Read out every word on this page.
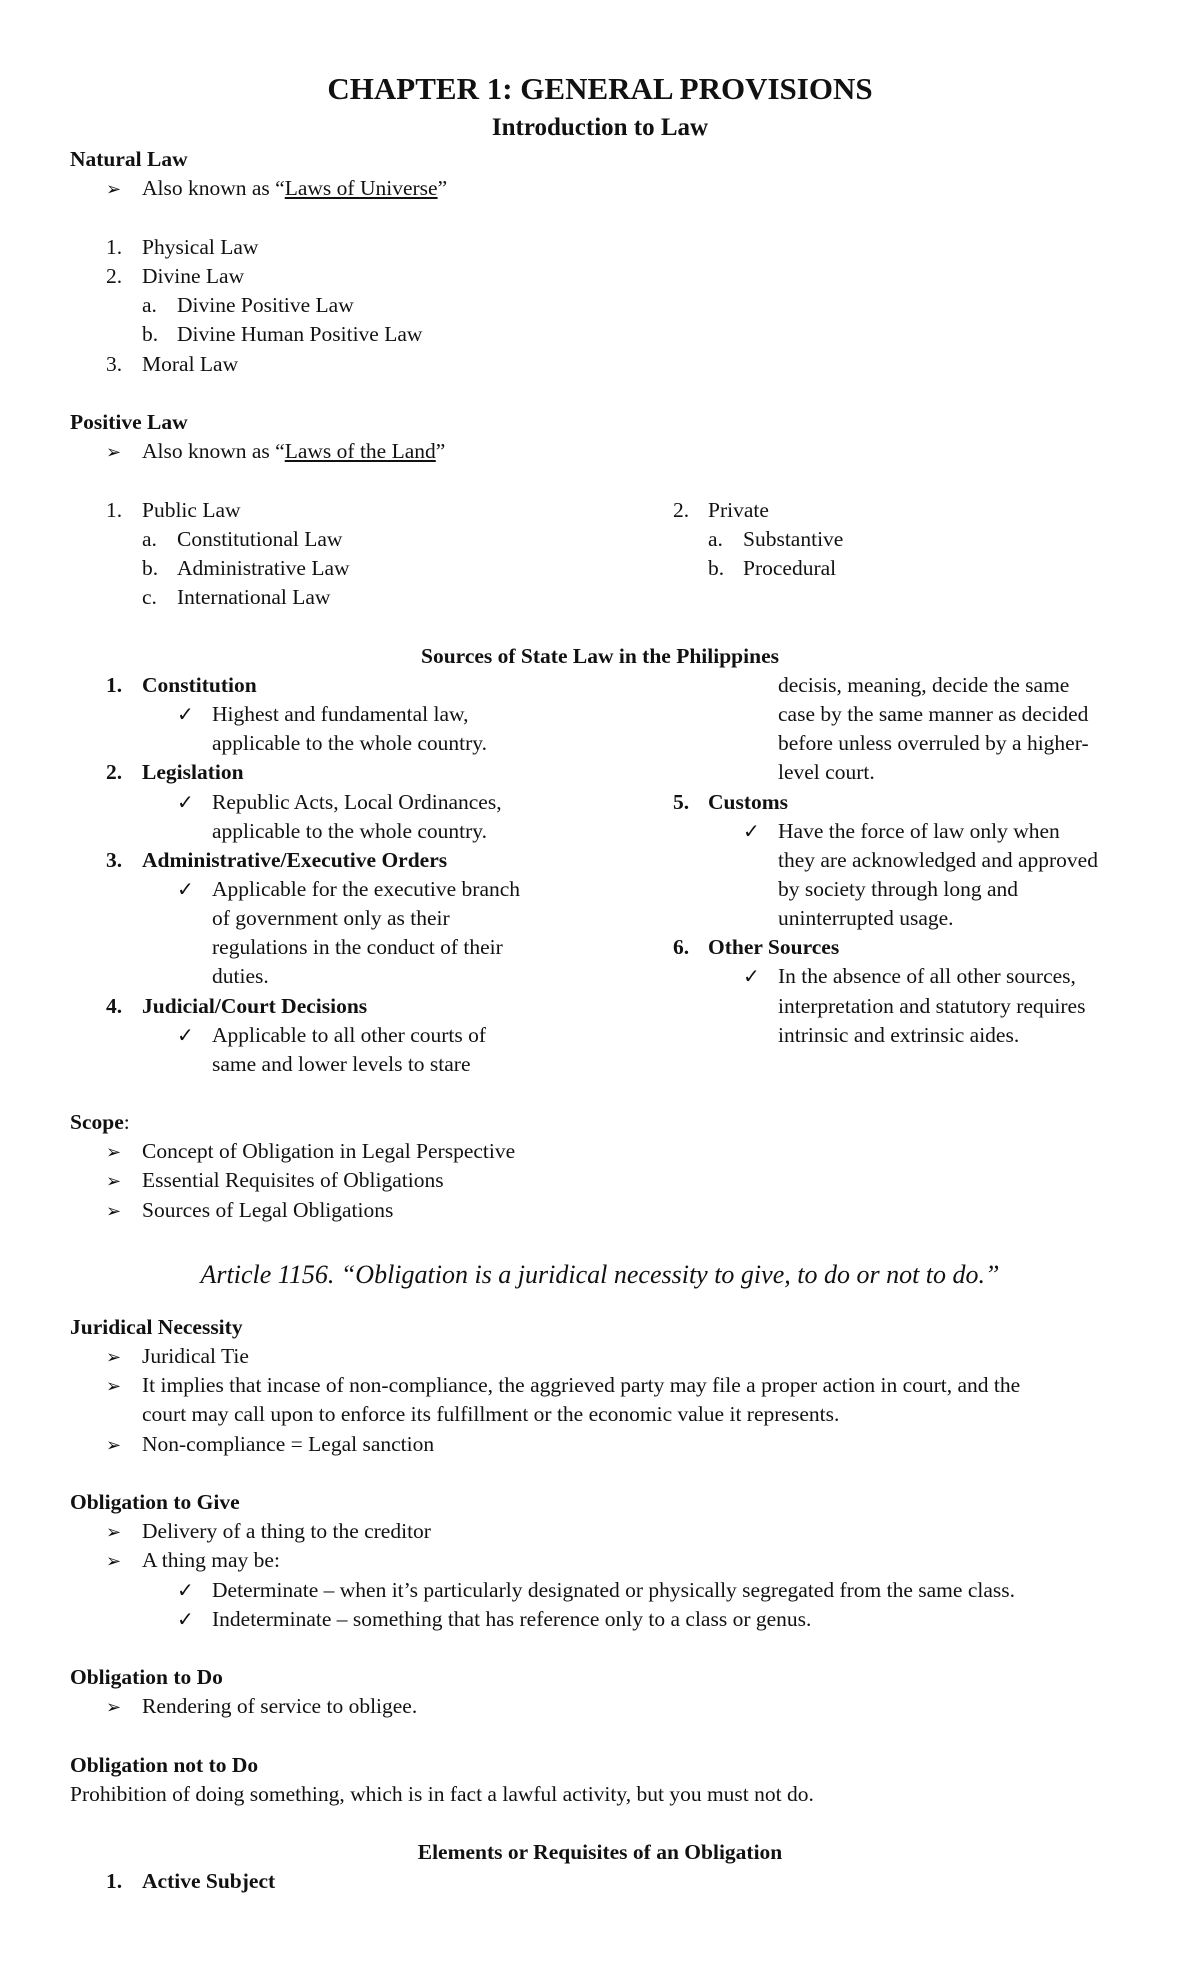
CHAPTER 1: GENERAL PROVISIONS
Introduction to Law
Natural Law
➢ Also known as “Laws of Universe”
1. Physical Law
2. Divine Law
a. Divine Positive Law
b. Divine Human Positive Law
3. Moral Law
Positive Law
➢ Also known as “Laws of the Land”
1. Public Law
a. Constitutional Law
b. Administrative Law
c. International Law
2. Private
a. Substantive
b. Procedural
Sources of State Law in the Philippines
1. Constitution
✓ Highest and fundamental law,
applicable to the whole country.
2. Legislation
✓ Republic Acts, Local Ordinances,
applicable to the whole country.
3. Administrative/Executive Orders
✓ Applicable for the executive branch
of government only as their
regulations in the conduct of their
duties.
4. Judicial/Court Decisions
✓ Applicable to all other courts of
same and lower levels to stare
decisis, meaning, decide the same
case by the same manner as decided
before unless overruled by a higher-
level court.
5. Customs
✓ Have the force of law only when
they are acknowledged and approved
by society through long and
uninterrupted usage.
6. Other Sources
✓ In the absence of all other sources,
interpretation and statutory requires
intrinsic and extrinsic aides.
Scope:
➢ Concept of Obligation in Legal Perspective
➢ Essential Requisites of Obligations
➢ Sources of Legal Obligations
Article 1156. “Obligation is a juridical necessity to give, to do or not to do.”
Juridical Necessity
➢ Juridical Tie
➢ It implies that incase of non-compliance, the aggrieved party may file a proper action in court, and the
court may call upon to enforce its fulfillment or the economic value it represents.
➢ Non-compliance = Legal sanction
Obligation to Give
➢ Delivery of a thing to the creditor
➢ A thing may be:
✓ Determinate – when it’s particularly designated or physically segregated from the same class.
✓ Indeterminate – something that has reference only to a class or genus.
Obligation to Do
➢ Rendering of service to obligee.
Obligation not to Do
Prohibition of doing something, which is in fact a lawful activity, but you must not do.
Elements or Requisites of an Obligation
1. Active Subject
